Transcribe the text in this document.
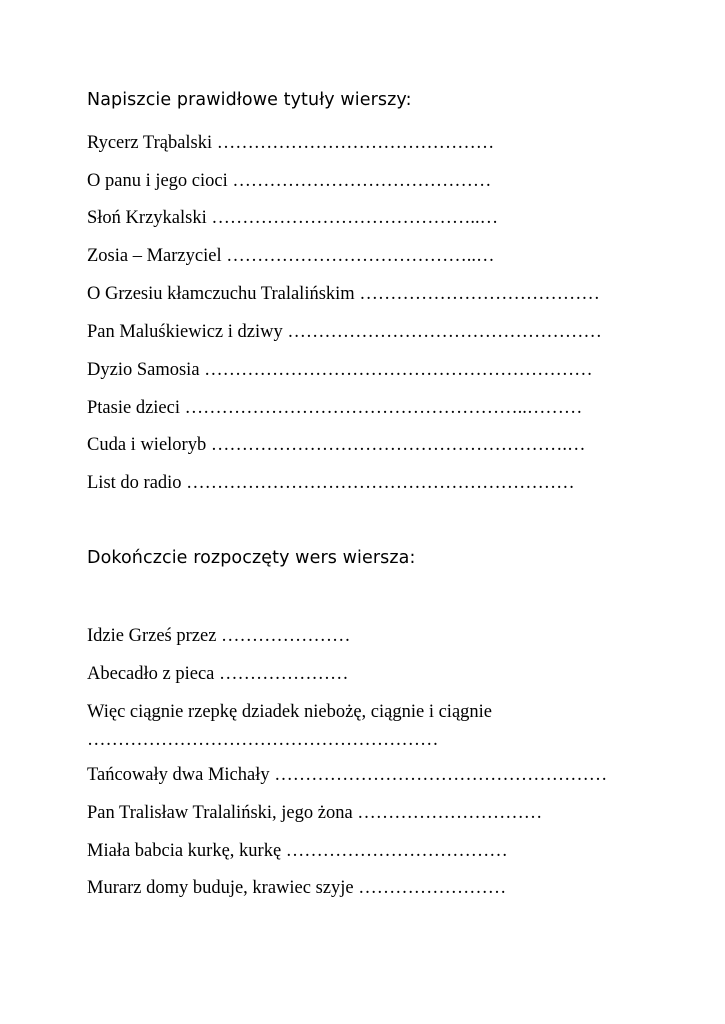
Napiszcie prawidłowe tytuły wierszy:
Rycerz Trąbalski ………………………………………
O panu i jego cioci ……………………………………
Słoń Krzykalski ……………………………………..…
Zosia – Marzyciel …………………………………..…
O Grzesiu kłamczuchu Tralalińskim …………………………………
Pan Maluśkiewicz i dziwy ……………………………………………
Dyzio Samosia ………………………………………………………
Ptasie dzieci ………………………………………………..………
Cuda i wieloryb ………………………………………………….…
List do radio ………………………………………………………
Dokończcie rozpoczęty wers wiersza:
Idzie Grześ przez …………………
Abecadło z pieca …………………
Więc ciągnie rzepkę dziadek niebożę, ciągnie i ciągnie
…………………………………………………
Tańcowały dwa Michały ………………………………………………
Pan Tralisław Tralaliński, jego żona …………………………
Miała babcia kurkę, kurkę ………………………………
Murarz domy buduje, krawiec szyje ……………………
